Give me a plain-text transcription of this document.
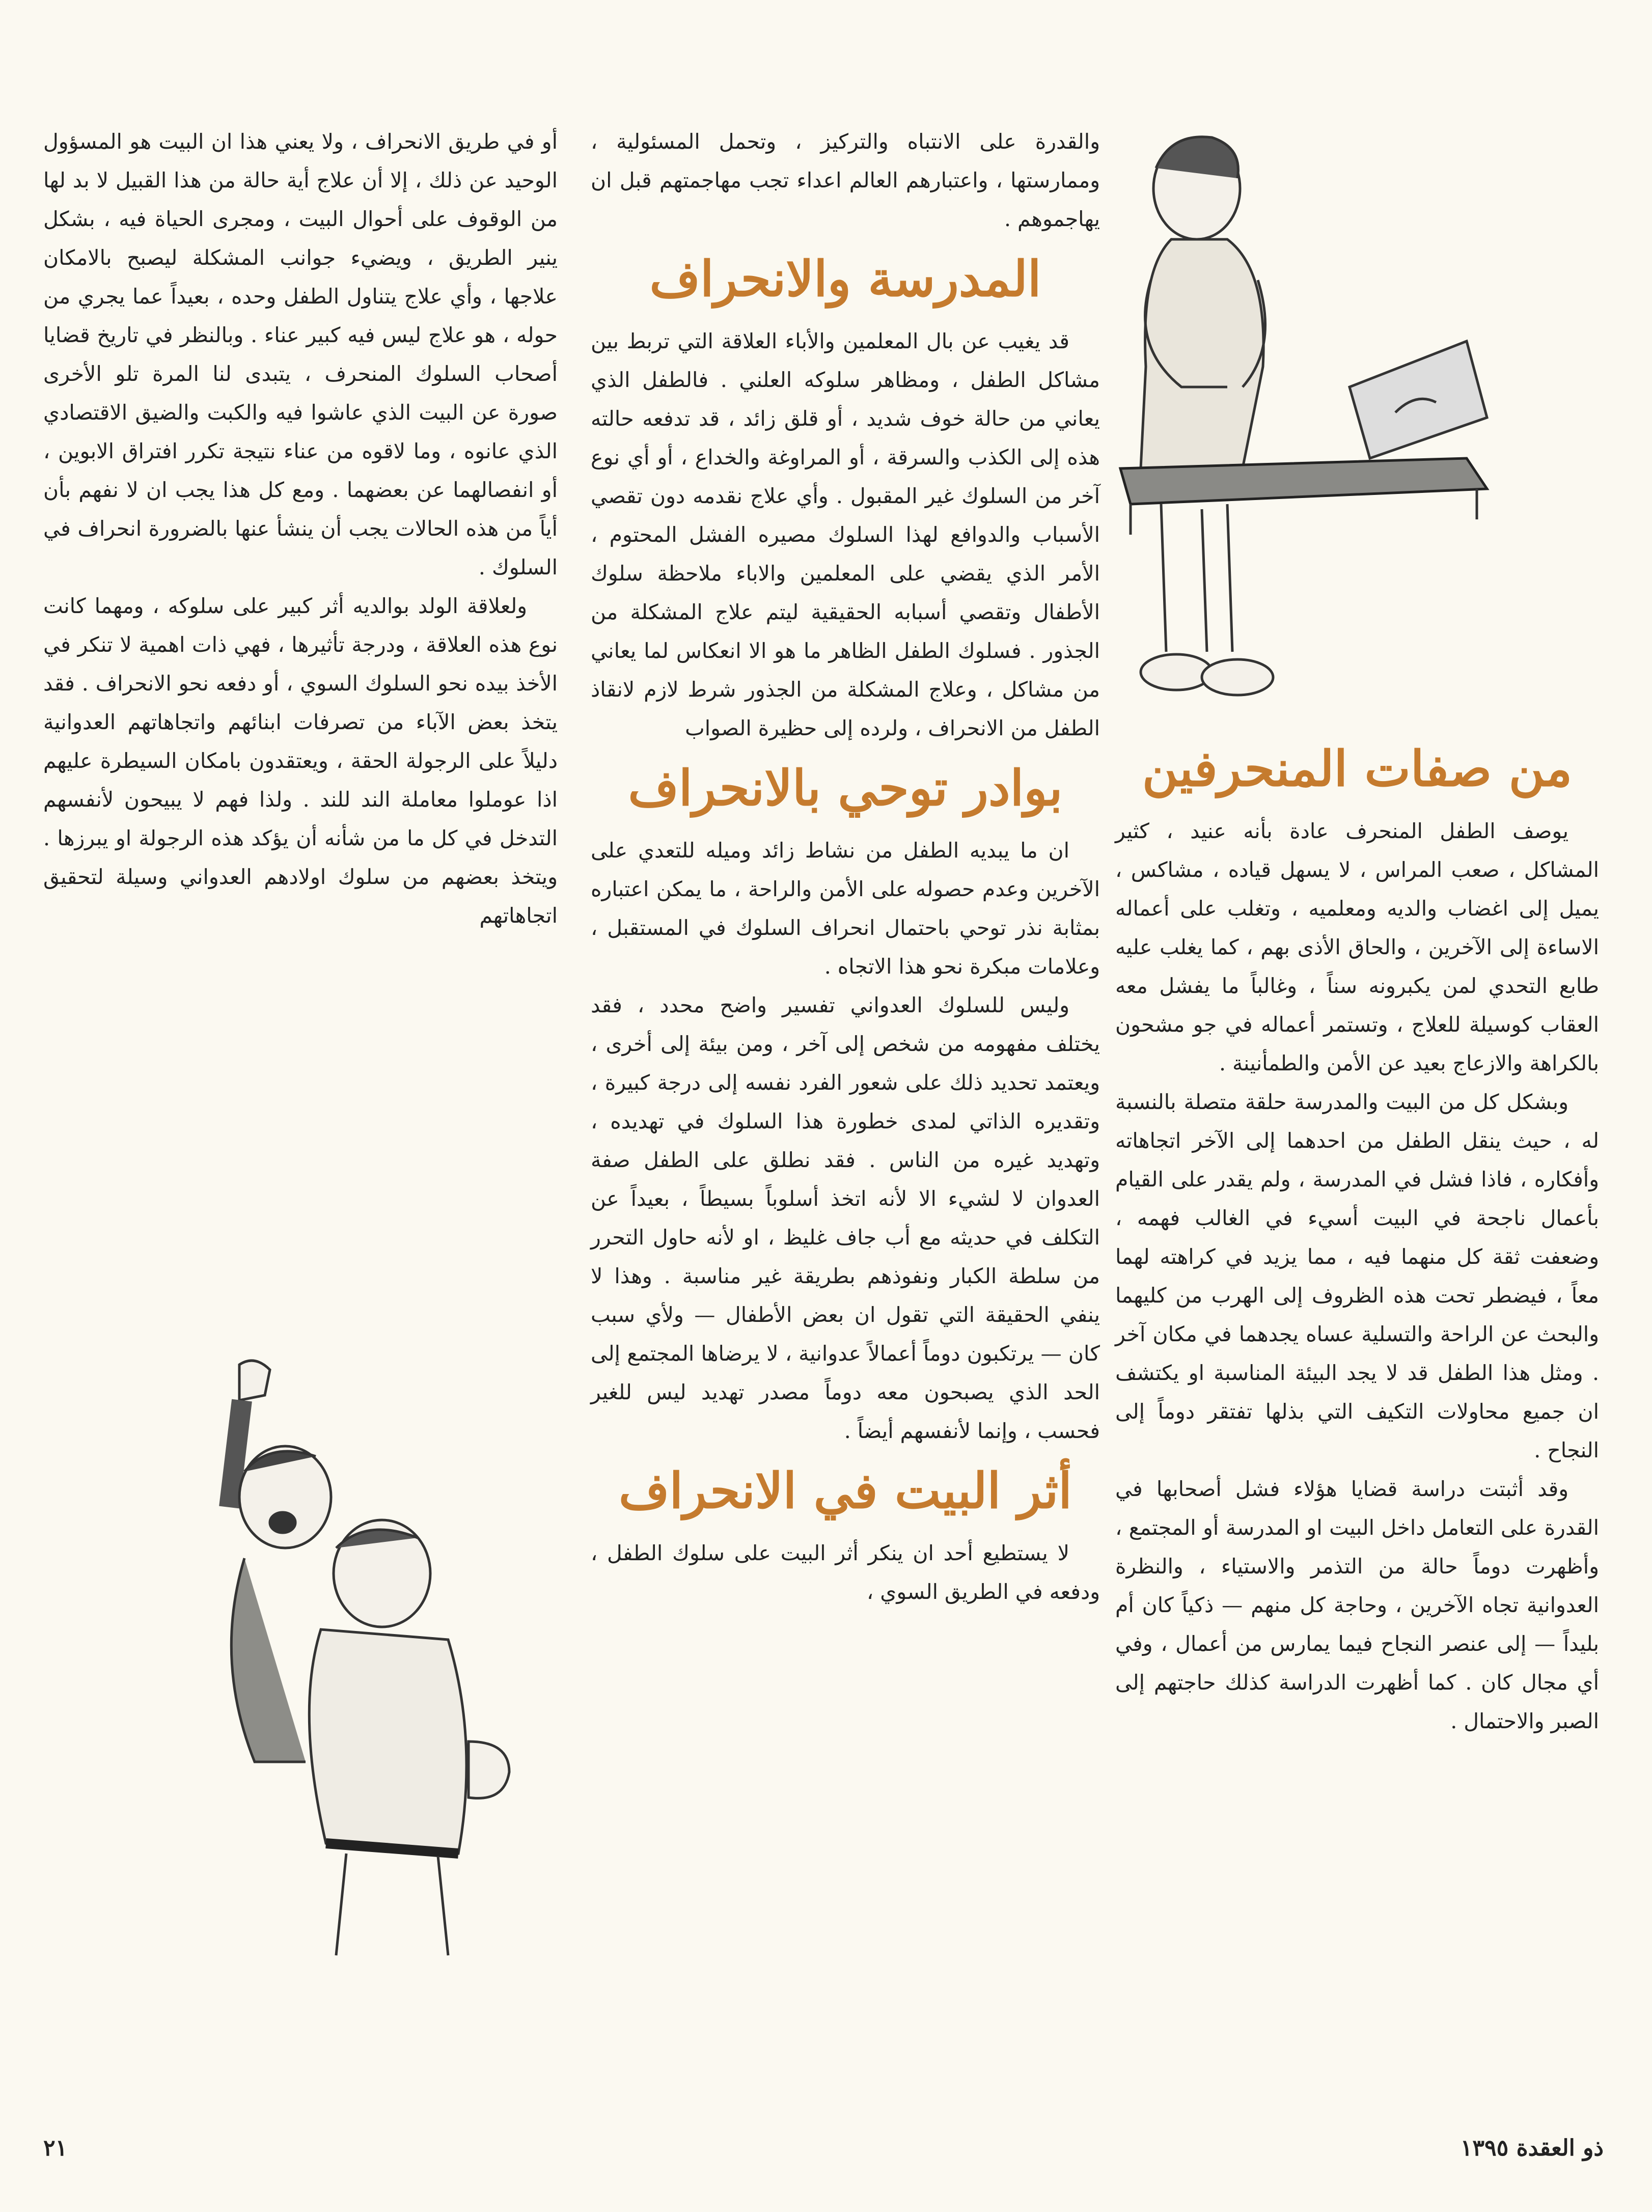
أو في طريق الانحراف ، ولا يعني هذا ان البيت هو المسؤول الوحيد عن ذلك ، إلا أن علاج أية حالة من هذا القبيل لا بد لها من الوقوف على أحوال البيت ، ومجرى الحياة فيه ، بشكل ينير الطريق ، ويضيء جوانب المشكلة ليصبح بالامكان علاجها ، وأي علاج يتناول الطفل وحده ، بعيداً عما يجري من حوله ، هو علاج ليس فيه كبير عناء . وبالنظر في تاريخ قضايا أصحاب السلوك المنحرف ، يتبدى لنا المرة تلو الأخرى صورة عن البيت الذي عاشوا فيه والكبت والضيق الاقتصادي الذي عانوه ، وما لاقوه من عناء نتيجة تكرر افتراق الابوين ، أو انفصالهما عن بعضهما . ومع كل هذا يجب ان لا نفهم بأن أياً من هذه الحالات يجب أن ينشأ عنها بالضرورة انحراف في السلوك .

ولعلاقة الولد بوالديه أثر كبير على سلوكه ، ومهما كانت نوع هذه العلاقة ، ودرجة تأثيرها ، فهي ذات اهمية لا تنكر في الأخذ بيده نحو السلوك السوي ، أو دفعه نحو الانحراف . فقد يتخذ بعض الآباء من تصرفات ابنائهم واتجاهاتهم العدوانية دليلاً على الرجولة الحقة ، ويعتقدون بامكان السيطرة عليهم اذا عوملوا معاملة الند للند . ولذا فهم لا يبيحون لأنفسهم التدخل في كل ما من شأنه أن يؤكد هذه الرجولة او يبرزها . ويتخذ بعضهم من سلوك اولادهم العدواني وسيلة لتحقيق اتجاهاتهم

والقدرة على الانتباه والتركيز ، وتحمل المسئولية ، وممارستها ، واعتبارهم العالم اعداء تجب مهاجمتهم قبل ان يهاجموهم .

المدرسة والانحراف

قد يغيب عن بال المعلمين والأباء العلاقة التي تربط بين مشاكل الطفل ، ومظاهر سلوكه العلني . فالطفل الذي يعاني من حالة خوف شديد ، أو قلق زائد ، قد تدفعه حالته هذه إلى الكذب والسرقة ، أو المراوغة والخداع ، أو أي نوع آخر من السلوك غير المقبول . وأي علاج نقدمه دون تقصي الأسباب والدوافع لهذا السلوك مصيره الفشل المحتوم ، الأمر الذي يقضي على المعلمين والاباء ملاحظة سلوك الأطفال وتقصي أسبابه الحقيقية ليتم علاج المشكلة من الجذور . فسلوك الطفل الظاهر ما هو الا انعكاس لما يعاني من مشاكل ، وعلاج المشكلة من الجذور شرط لازم لانقاذ الطفل من الانحراف ، ولرده إلى حظيرة الصواب

بوادر توحي بالانحراف

ان ما يبديه الطفل من نشاط زائد وميله للتعدي على الآخرين وعدم حصوله على الأمن والراحة ، ما يمكن اعتباره بمثابة نذر توحي باحتمال انحراف السلوك في المستقبل ، وعلامات مبكرة نحو هذا الاتجاه .

وليس للسلوك العدواني تفسير واضح محدد ، فقد يختلف مفهومه من شخص إلى آخر ، ومن بيئة إلى أخرى ، ويعتمد تحديد ذلك على شعور الفرد نفسه إلى درجة كبيرة ، وتقديره الذاتي لمدى خطورة هذا السلوك في تهديده ، وتهديد غيره من الناس . فقد نطلق على الطفل صفة العدوان لا لشيء الا لأنه اتخذ أسلوباً بسيطاً ، بعيداً عن التكلف في حديثه مع أب جاف غليظ ، او لأنه حاول التحرر من سلطة الكبار ونفوذهم بطريقة غير مناسبة . وهذا لا ينفي الحقيقة التي تقول ان بعض الأطفال — ولأي سبب كان — يرتكبون دوماً أعمالاً عدوانية ، لا يرضاها المجتمع إلى الحد الذي يصبحون معه دوماً مصدر تهديد ليس للغير فحسب ، وإنما لأنفسهم أيضاً .

أثر البيت في الانحراف

لا يستطيع أحد ان ينكر أثر البيت على سلوك الطفل ، ودفعه في الطريق السوي ،

من صفات المنحرفين

يوصف الطفل المنحرف عادة بأنه عنيد ، كثير المشاكل ، صعب المراس ، لا يسهل قياده ، مشاكس ، يميل إلى اغضاب والديه ومعلميه ، وتغلب على أعماله الاساءة إلى الآخرين ، والحاق الأذى بهم ، كما يغلب عليه طابع التحدي لمن يكبرونه سناً ، وغالباً ما يفشل معه العقاب كوسيلة للعلاج ، وتستمر أعماله في جو مشحون بالكراهة والازعاج بعيد عن الأمن والطمأنينة .

وبشكل كل من البيت والمدرسة حلقة متصلة بالنسبة له ، حيث ينقل الطفل من احدهما إلى الآخر اتجاهاته وأفكاره ، فاذا فشل في المدرسة ، ولم يقدر على القيام بأعمال ناجحة في البيت أسيء في الغالب فهمه ، وضعفت ثقة كل منهما فيه ، مما يزيد في كراهته لهما معاً ، فيضطر تحت هذه الظروف إلى الهرب من كليهما والبحث عن الراحة والتسلية عساه يجدهما في مكان آخر . ومثل هذا الطفل قد لا يجد البيئة المناسبة او يكتشف ان جميع محاولات التكيف التي بذلها تفتقر دوماً إلى النجاح .

وقد أثبتت دراسة قضايا هؤلاء فشل أصحابها في القدرة على التعامل داخل البيت او المدرسة أو المجتمع ، وأظهرت دوماً حالة من التذمر والاستياء ، والنظرة العدوانية تجاه الآخرين ، وحاجة كل منهم — ذكياً كان أم بليداً — إلى عنصر النجاح فيما يمارس من أعمال ، وفي أي مجال كان . كما أظهرت الدراسة كذلك حاجتهم إلى الصبر والاحتمال .

٢١	ذو العقدة ١٣٩٥
